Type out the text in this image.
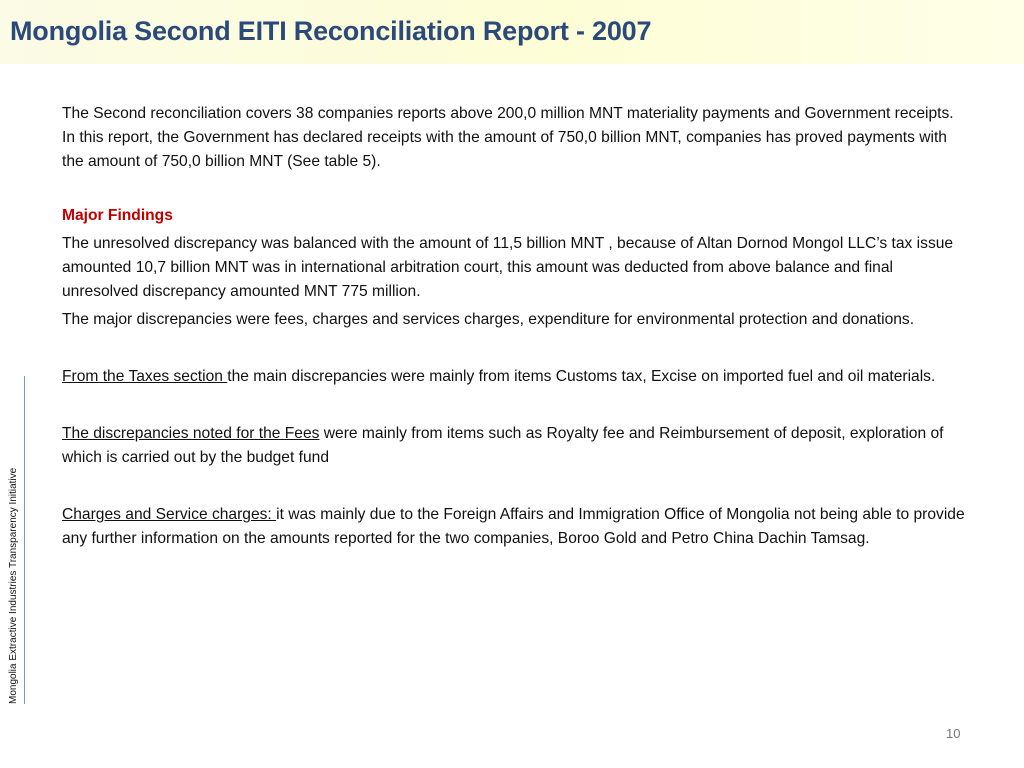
Mongolia Second EITI Reconciliation Report - 2007
Mongolia Extractive Industries Transparency Initiative

The Second reconciliation covers 38 companies reports above 200,0 million MNT materiality payments and Government receipts. In this report, the Government has declared receipts with the amount of 750,0 billion MNT, companies has proved payments with the amount of 750,0 billion MNT (See table 5).

Major Findings

The unresolved discrepancy was balanced with the amount of 11,5 billion MNT , because of Altan Dornod Mongol LLC’s tax issue amounted 10,7 billion MNT was in international arbitration court, this amount was deducted from above balance and final unresolved discrepancy amounted MNT 775 million.

The major discrepancies were fees, charges and services charges, expenditure for environmental protection and donations.

From the Taxes section the main discrepancies were mainly from items Customs tax, Excise on imported fuel and oil materials.

The discrepancies noted for the Fees were mainly from items such as Royalty fee and Reimbursement of deposit, exploration of which is carried out by the budget fund

Charges and Service charges: it was mainly due to the Foreign Affairs and Immigration Office of Mongolia not being able to provide any further information on the amounts reported for the two companies, Boroo Gold and Petro China Dachin Tamsag.

10
